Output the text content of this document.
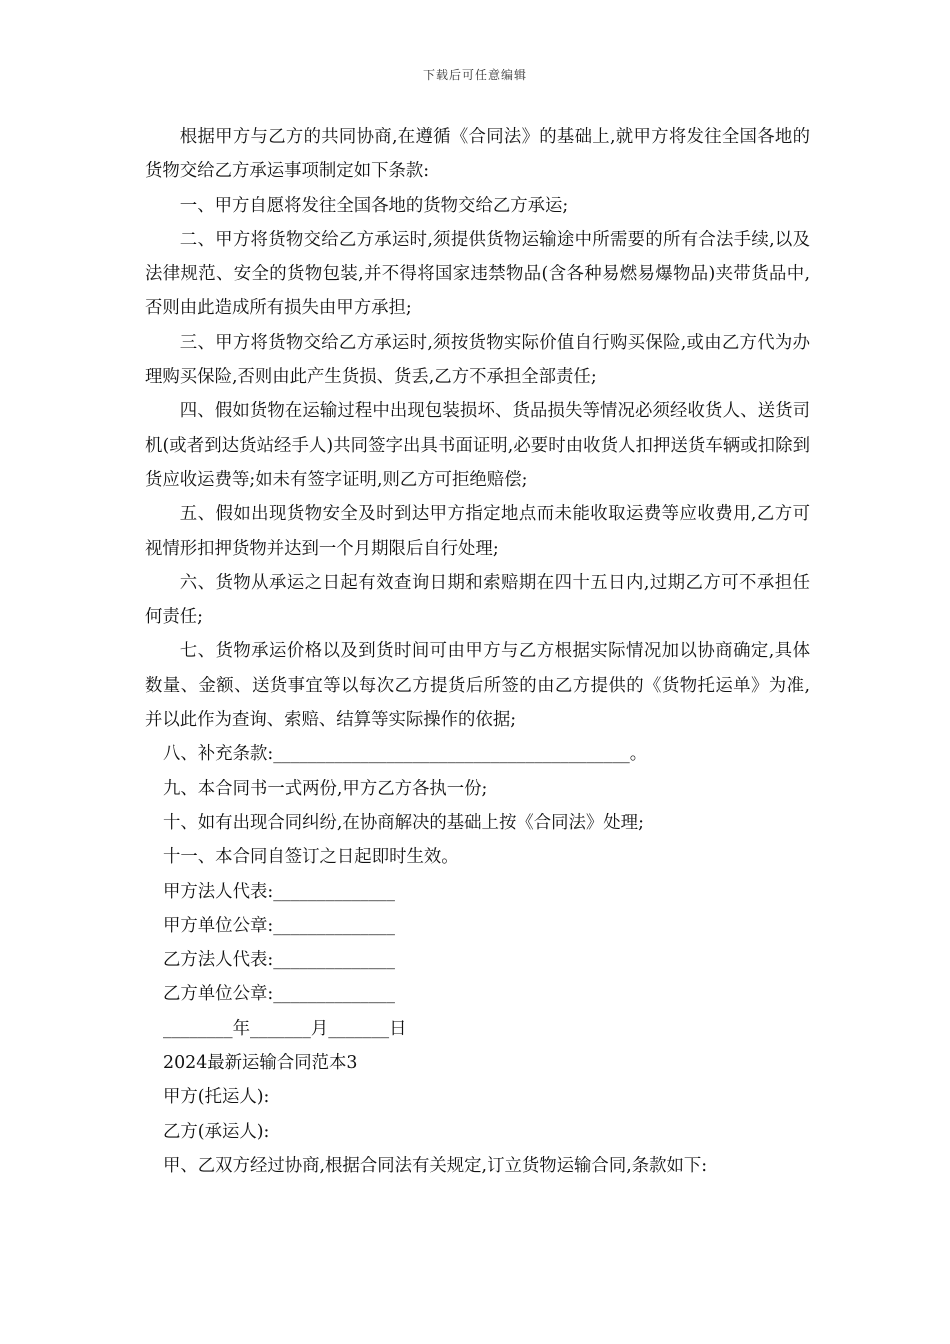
下载后可任意编辑

根据甲方与乙方的共同协商,在遵循《合同法》的基础上,就甲方将发往全国各地的货物交给乙方承运事项制定如下条款:

一、甲方自愿将发往全国各地的货物交给乙方承运;

二、甲方将货物交给乙方承运时,须提供货物运输途中所需要的所有合法手续,以及法律规范、安全的货物包装,并不得将国家违禁物品(含各种易燃易爆物品)夹带货品中,否则由此造成所有损失由甲方承担;

三、甲方将货物交给乙方承运时,须按货物实际价值自行购买保险,或由乙方代为办理购买保险,否则由此产生货损、货丢,乙方不承担全部责任;

四、假如货物在运输过程中出现包装损坏、货品损失等情况必须经收货人、送货司机(或者到达货站经手人)共同签字出具书面证明,必要时由收货人扣押送货车辆或扣除到货应收运费等;如未有签字证明,则乙方可拒绝赔偿;

五、假如出现货物安全及时到达甲方指定地点而未能收取运费等应收费用,乙方可视情形扣押货物并达到一个月期限后自行处理;

六、货物从承运之日起有效查询日期和索赔期在四十五日内,过期乙方可不承担任何责任;

七、货物承运价格以及到货时间可由甲方与乙方根据实际情况加以协商确定,具体数量、金额、送货事宜等以每次乙方提货后所签的由乙方提供的《货物托运单》为准,并以此作为查询、索赔、结算等实际操作的依据;

八、补充条款:_________________________________________。

九、本合同书一式两份,甲方乙方各执一份;

十、如有出现合同纠纷,在协商解决的基础上按《合同法》处理;

十一、本合同自签订之日起即时生效。

甲方法人代表:______________

甲方单位公章:______________

乙方法人代表:______________

乙方单位公章:______________

________年_______月_______日

2024最新运输合同范本3

甲方(托运人):

乙方(承运人):

甲、乙双方经过协商,根据合同法有关规定,订立货物运输合同,条款如下:
